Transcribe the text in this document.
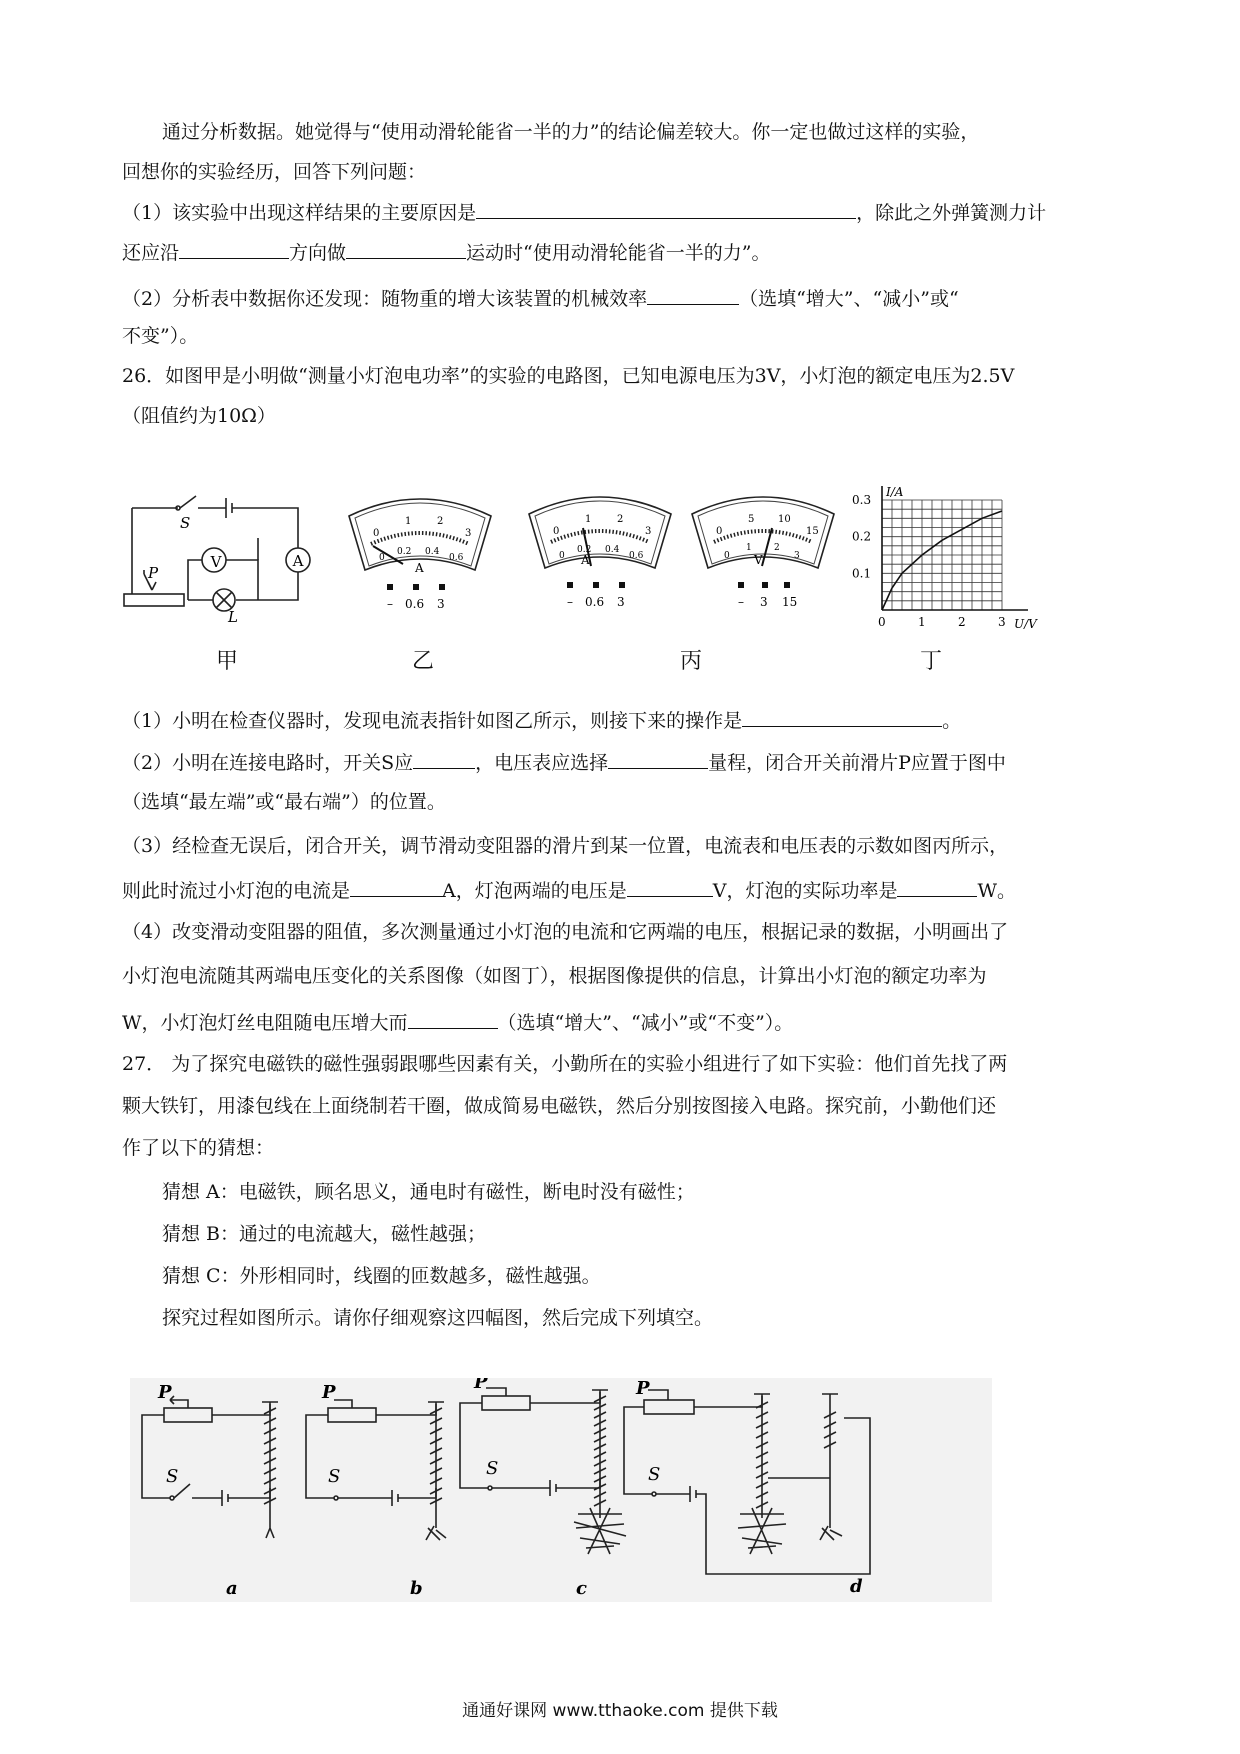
通过分析数据。她觉得与“使用动滑轮能省一半的力”的结论偏差较大。你一定也做过这样的实验，
回想你的实验经历，回答下列问题：
（1）该实验中出现这样结果的主要原因是	，除此之外弹簧测力计
还应沿	方向做	运动时“使用动滑轮能省一半的力”。
（2）分析表中数据你还发现：随物重的增大该装置的机械效率	（选填“增大”、“减小”或“
不变”）。
26．如图甲是小明做“测量小灯泡电功率”的实验的电路图，已知电源电压为3V，小灯泡的额定电压为2.5V
（阻值约为10Ω）
V	A
S
P
L
0
1	2
3
0
0.2 0.4
0.6
A
– 0.6 3
0
1	2
3
0
0.2 0.4
0.6
A
– 0.6 3
0
5 10
15
0
1 2
3
V
– 3 15
I/A
U/V
0	1	2	3
0.3
0.2
0.1
甲	乙	丙	丁
（1）小明在检查仪器时，发现电流表指针如图乙所示，则接下来的操作是	。
（2）小明在连接电路时，开关S应	，电压表应选择	量程，闭合开关前滑片P应置于图中
（选填“最左端”或“最右端”）的位置。
（3）经检查无误后，闭合开关，调节滑动变阻器的滑片到某一位置，电流表和电压表的示数如图丙所示，
则此时流过小灯泡的电流是	A，灯泡两端的电压是	V，灯泡的实际功率是	W。
（4）改变滑动变阻器的阻值，多次测量通过小灯泡的电流和它两端的电压，根据记录的数据，小明画出了
小灯泡电流随其两端电压变化的关系图像（如图丁），根据图像提供的信息，计算出小灯泡的额定功率为
W，小灯泡灯丝电阻随电压增大而	（选填“增大”、“减小”或“不变”）。
27． 为了探究电磁铁的磁性强弱跟哪些因素有关，小勤所在的实验小组进行了如下实验：他们首先找了两
颗大铁钉，用漆包线在上面绕制若干圈，做成简易电磁铁，然后分别按图接入电路。探究前，小勤他们还
作了以下的猜想：
猜想 A：电磁铁，顾名思义，通电时有磁性，断电时没有磁性；
猜想 B：通过的电流越大，磁性越强；
猜想 C：外形相同时，线圈的匝数越多，磁性越强。
探究过程如图所示。请你仔细观察这四幅图，然后完成下列填空。
P
S
P
S
P
S
P
S
a	b	c	d
通通好课网 www.tthaoke.com 提供下载
